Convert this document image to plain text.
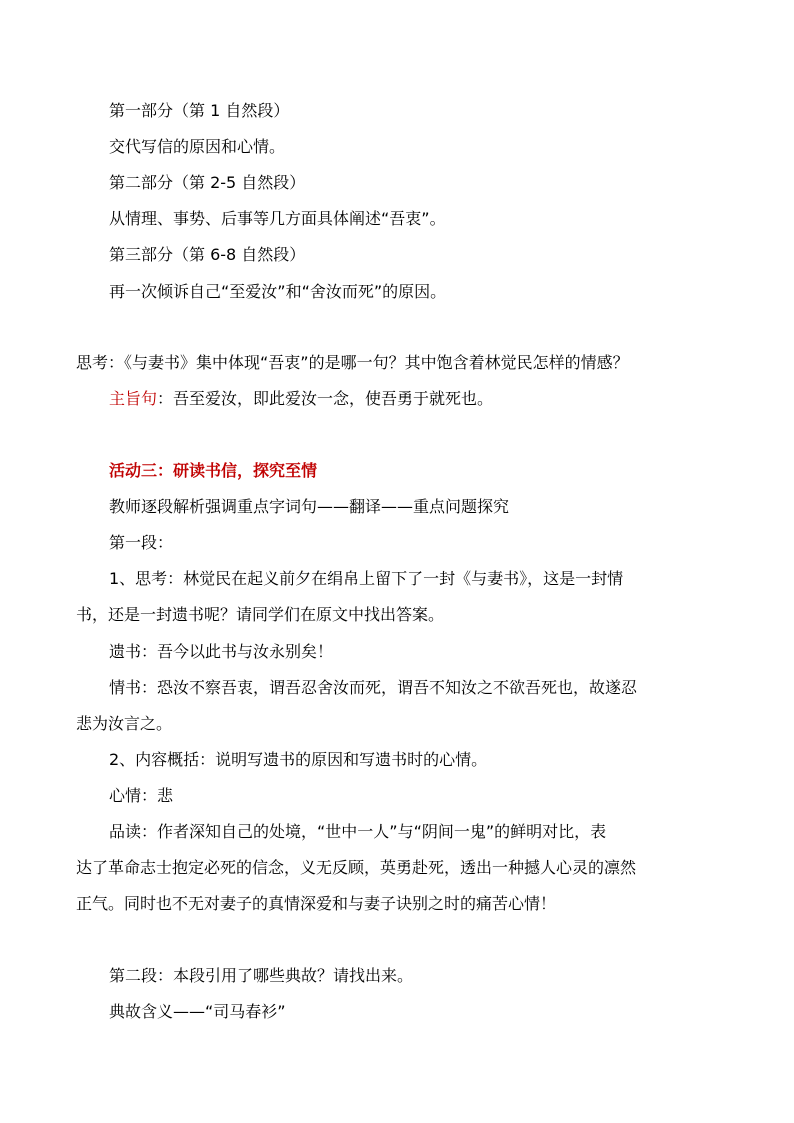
第一部分（第 1 自然段）
交代写信的原因和心情。
第二部分（第 2-5 自然段）
从情理、事势、后事等几方面具体阐述“吾衷”。
第三部分（第 6-8 自然段）
再一次倾诉自己“至爱汝”和“舍汝而死”的原因。
思考：《与妻书》集中体现“吾衷”的是哪一句？其中饱含着林觉民怎样的情感？
主旨句：吾至爱汝，即此爱汝一念，使吾勇于就死也。
活动三：研读书信，探究至情
教师逐段解析强调重点字词句——翻译——重点问题探究
第一段：
1、思考：林觉民在起义前夕在绢帛上留下了一封《与妻书》，这是一封情
书，还是一封遗书呢？请同学们在原文中找出答案。
遗书：吾今以此书与汝永别矣！
情书：恐汝不察吾衷，谓吾忍舍汝而死，谓吾不知汝之不欲吾死也，故遂忍
悲为汝言之。
2、内容概括：说明写遗书的原因和写遗书时的心情。
心情：悲
品读：作者深知自己的处境，“世中一人”与“阴间一鬼”的鲜明对比，表
达了革命志士抱定必死的信念，义无反顾，英勇赴死，透出一种撼人心灵的凛然
正气。同时也不无对妻子的真情深爱和与妻子诀别之时的痛苦心情！
第二段：本段引用了哪些典故？请找出来。
典故含义——“司马春衫”
